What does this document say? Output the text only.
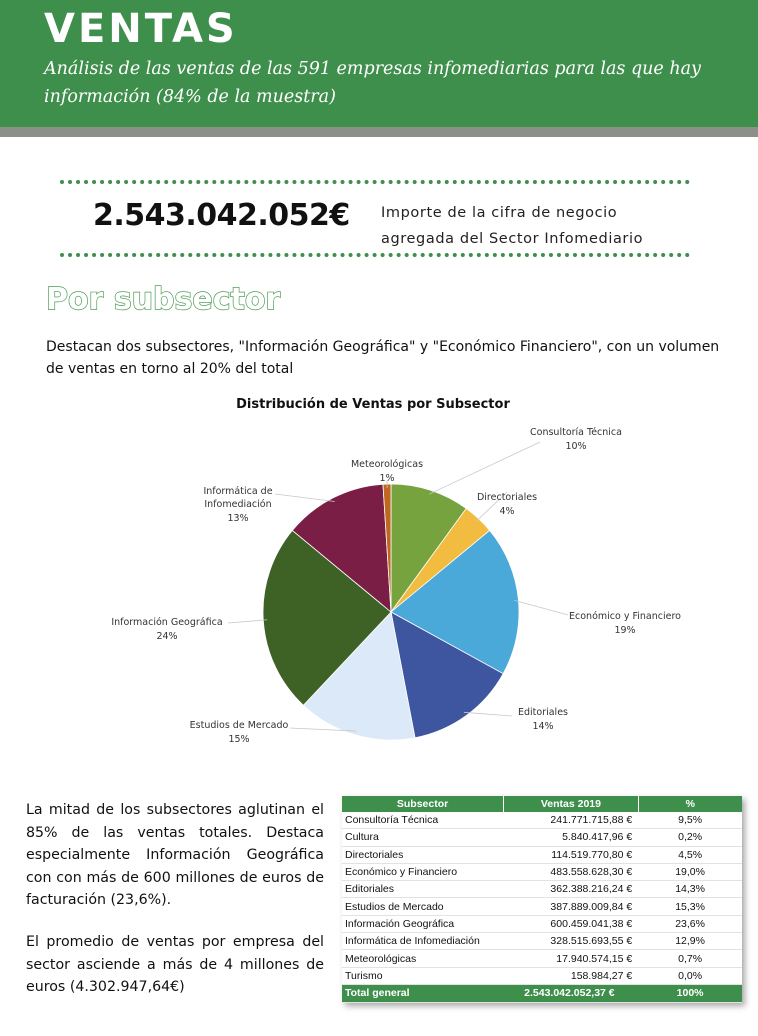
VENTAS
Análisis de las ventas de las 591 empresas infomediarias para las que hay información (84% de la muestra)
2.543.042.052€ Importe de la cifra de negocio agregada del Sector Infomediario
Por subsector
Destacan dos subsectores, "Información Geográfica" y "Económico Financiero", con un volumen de ventas en torno al 20% del total
Distribución de Ventas por Subsector
Consultoría Técnica
10%
Directoriales
4%
Económico y Financiero
19%
Editoriales
14%
Estudios de Mercado
15%
Información Geográfica
24%
Informática de
Infomediación
13%
Meteorológicas
1%
La mitad de los subsectores aglutinan el 85% de las ventas totales. Destaca especialmente Información Geográfica con con más de 600 millones de euros de facturación (23,6%).
El promedio de ventas por empresa del sector asciende a más de 4 millones de euros (4.302.947,64€)
Subsector	Ventas 2019	%
Consultoría Técnica	241.771.715,88 €	9,5%
Cultura	5.840.417,96 €	0,2%
Directoriales	114.519.770,80 €	4,5%
Económico y Financiero	483.558.628,30 €	19,0%
Editoriales	362.388.216,24 €	14,3%
Estudios de Mercado	387.889.009,84 €	15,3%
Información Geográfica	600.459.041,38 €	23,6%
Informática de Infomediación	328.515.693,55 €	12,9%
Meteorológicas	17.940.574,15 €	0,7%
Turismo	158.984,27 €	0,0%
Total general	2.543.042.052,37 €	100%
